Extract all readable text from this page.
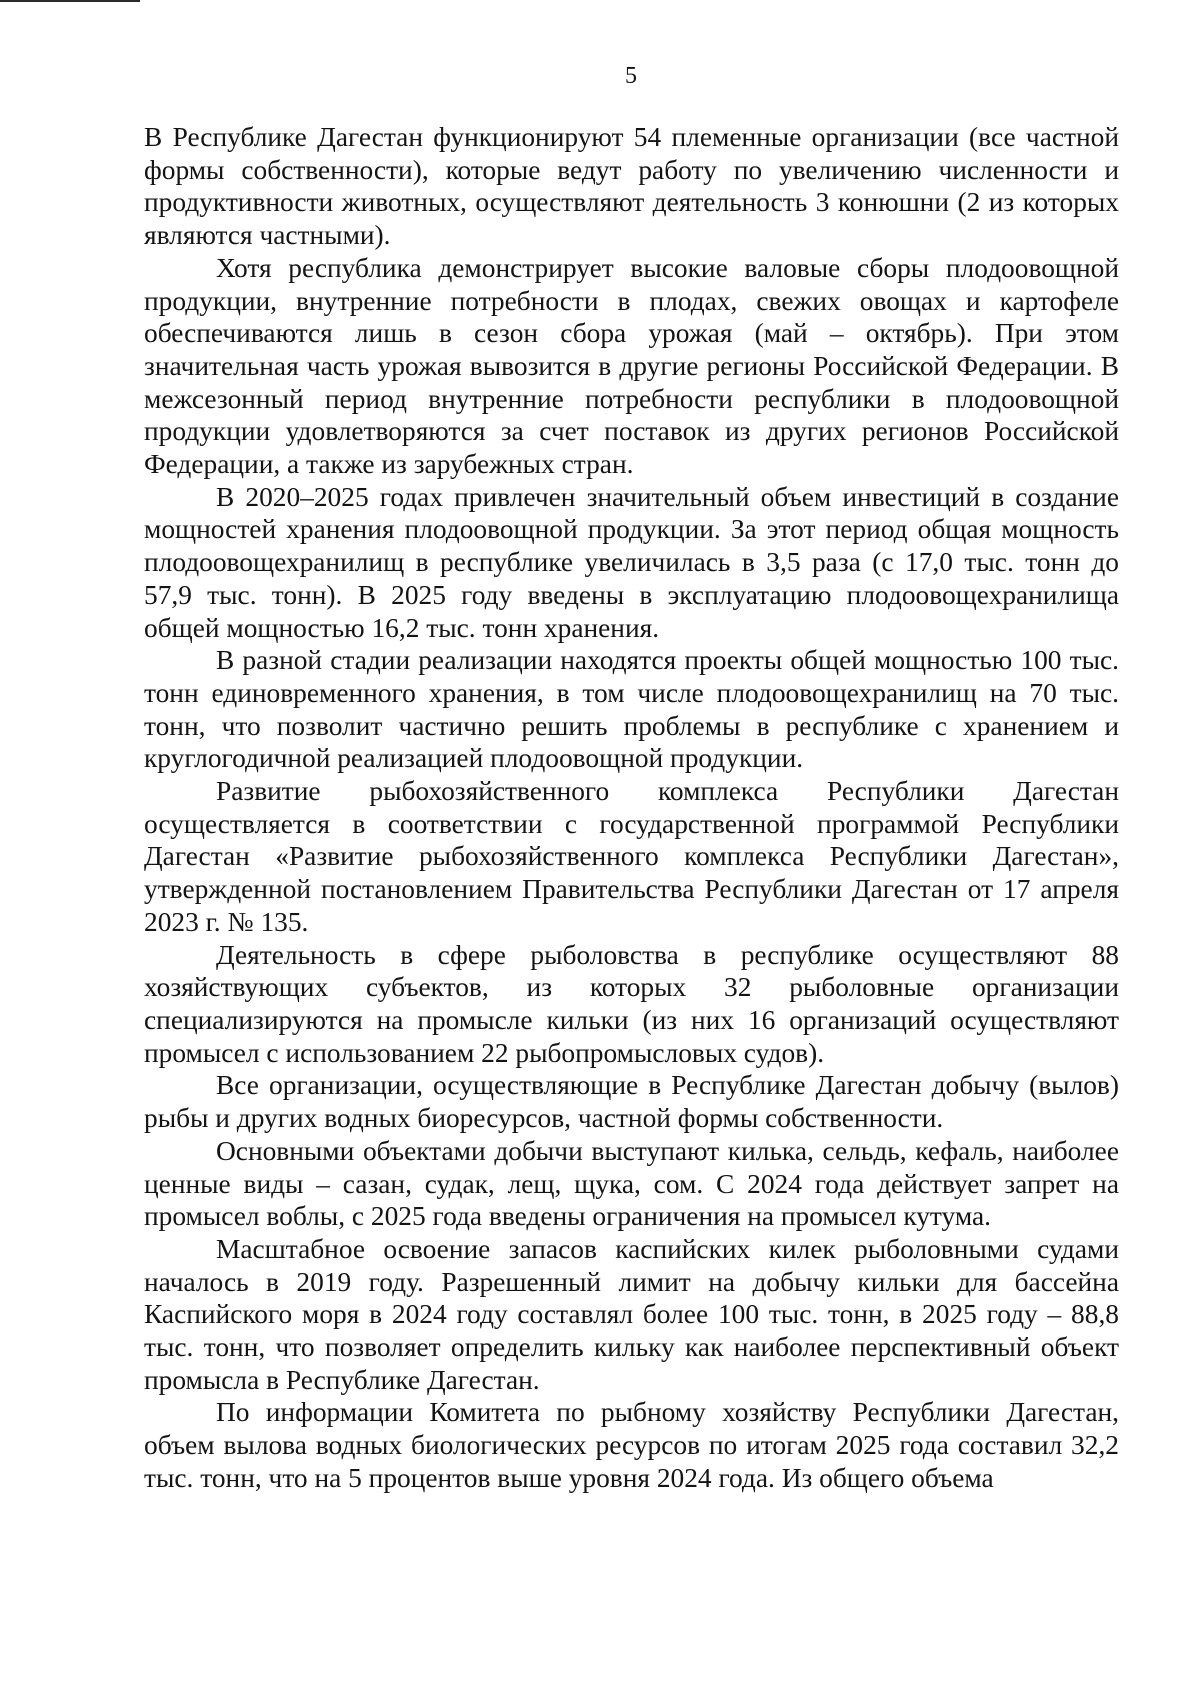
5

В Республике Дагестан функционируют 54 племенные организации (все частной формы собственности), которые ведут работу по увеличению численности и продуктивности животных, осуществляют деятельность 3 конюшни (2 из которых являются частными).

Хотя республика демонстрирует высокие валовые сборы плодоовощной продукции, внутренние потребности в плодах, свежих овощах и картофеле обеспечиваются лишь в сезон сбора урожая (май – октябрь). При этом значительная часть урожая вывозится в другие регионы Российской Федерации. В межсезонный период внутренние потребности республики в плодоовощной продукции удовлетворяются за счет поставок из других регионов Российской Федерации, а также из зарубежных стран.

В 2020–2025 годах привлечен значительный объем инвестиций в создание мощностей хранения плодоовощной продукции. За этот период общая мощность плодоовощехранилищ в республике увеличилась в 3,5 раза (с 17,0 тыс. тонн до 57,9 тыс. тонн). В 2025 году введены в эксплуатацию плодоовощехранилища общей мощностью 16,2 тыс. тонн хранения.

В разной стадии реализации находятся проекты общей мощностью 100 тыс. тонн единовременного хранения, в том числе плодоовощехранилищ на 70 тыс. тонн, что позволит частично решить проблемы в республике с хранением и круглогодичной реализацией плодоовощной продукции.

Развитие рыбохозяйственного комплекса Республики Дагестан осуществляется в соответствии с государственной программой Республики Дагестан «Развитие рыбохозяйственного комплекса Республики Дагестан», утвержденной постановлением Правительства Республики Дагестан от 17 апреля 2023 г. № 135.

Деятельность в сфере рыболовства в республике осуществляют 88 хозяйствующих субъектов, из которых 32 рыболовные организации специализируются на промысле кильки (из них 16 организаций осуществляют промысел с использованием 22 рыбопромысловых судов).

Все организации, осуществляющие в Республике Дагестан добычу (вылов) рыбы и других водных биоресурсов, частной формы собственности.

Основными объектами добычи выступают килька, сельдь, кефаль, наиболее ценные виды – сазан, судак, лещ, щука, сом. С 2024 года действует запрет на промысел воблы, с 2025 года введены ограничения на промысел кутума.

Масштабное освоение запасов каспийских килек рыболовными судами началось в 2019 году. Разрешенный лимит на добычу кильки для бассейна Каспийского моря в 2024 году составлял более 100 тыс. тонн, в 2025 году – 88,8 тыс. тонн, что позволяет определить кильку как наиболее перспективный объект промысла в Республике Дагестан.

По информации Комитета по рыбному хозяйству Республики Дагестан, объем вылова водных биологических ресурсов по итогам 2025 года составил 32,2 тыс. тонн, что на 5 процентов выше уровня 2024 года. Из общего объема
